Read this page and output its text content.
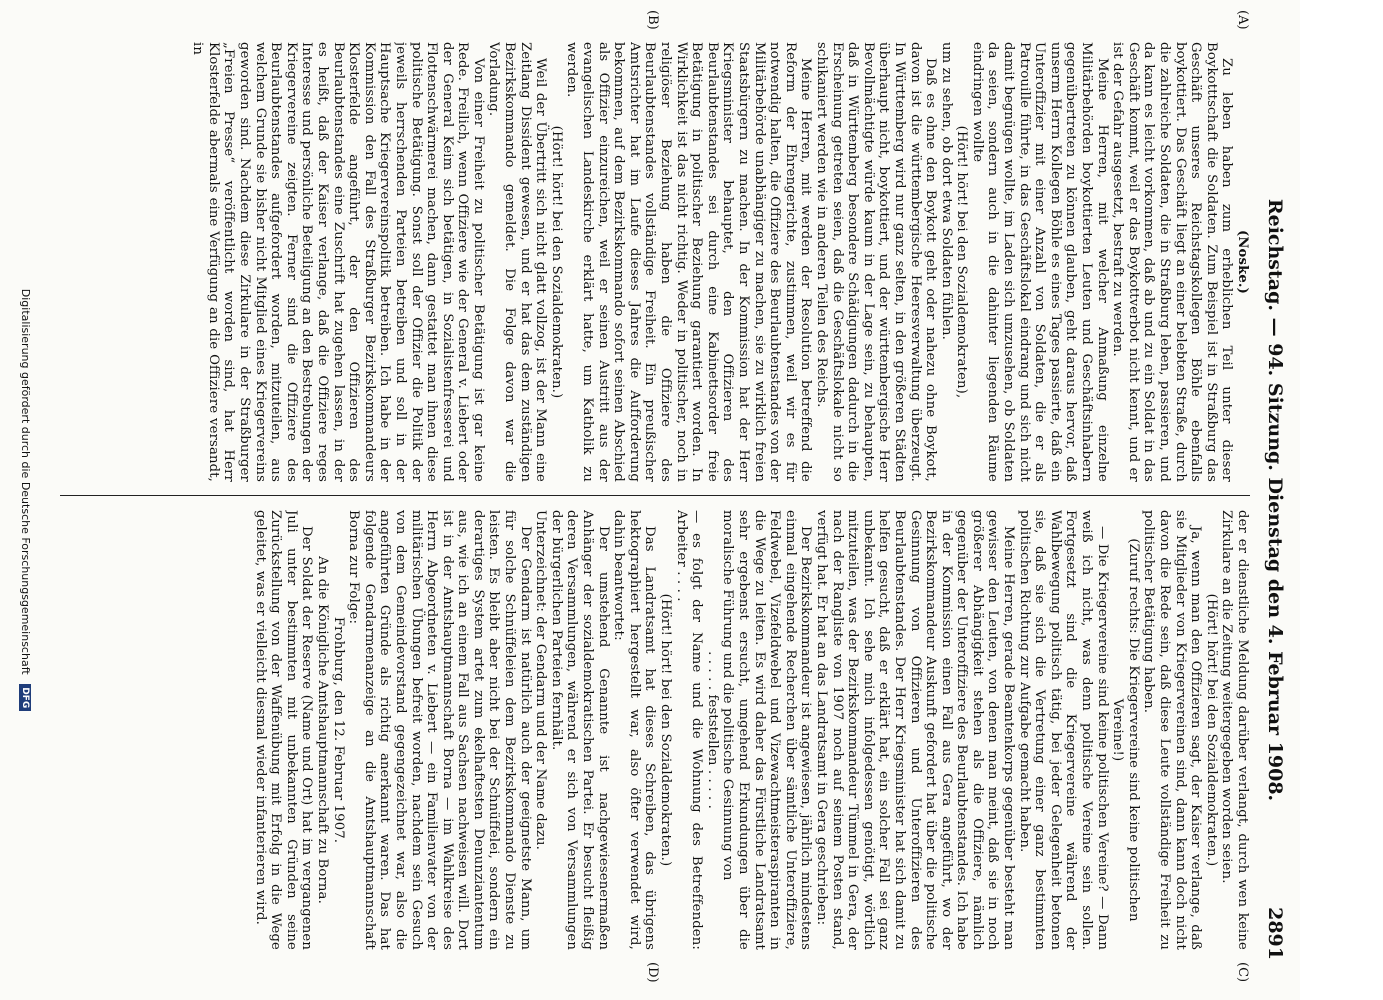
Reichstag. — 94. Sitzung. Dienstag den 4. Februar 1908.
2891
(A)
(B)
(C)
(D)

(Noske.)

Zu leben haben zum erheblichen Teil unter dieser Boykotttschaft die Soldaten. Zum Beispiel ist in Straßburg das Geschäft unseres Reichstagskollegen Böhle ebenfalls boykottiert. Das Geschäft liegt an einer belebten Straße, durch die zahlreiche Soldaten, die in Straßburg leben, passieren, und da kann es leicht vorkommen, daß ab und zu ein Soldat in das Geschäft kommt, weil er das Boykottverbot nicht kennt, und er ist der Gefahr ausgesetzt, bestraft zu werden.

Meine Herren, mit welcher Anmaßung einzelne Militärbehörden boykottierten Leuten und Geschäftsinhabern gegenübertreten zu können glauben, geht daraus hervor, daß unserm Herrn Kollegen Böhle es eines Tages passierte, daß ein Unteroffizier mit einer Anzahl von Soldaten, die er als Patrouille führte, in das Geschäftslokal eindrang und sich nicht damit begnügen wollte, im Laden sich umzusehen, ob Soldaten da seien, sondern auch in die dahinter liegenden Räume eindringen wollte

(Hört! hört! bei den Sozialdemokraten),

um zu sehen, ob dort etwa Soldaten fühlen.

Daß es ohne den Boykott geht oder nahezu ohne Boykott, davon ist die württembergische Heeresverwaltung überzeugt. In Württemberg wird nur ganz selten, in den größeren Städten überhaupt nicht, boykottiert, und der württembergische Herr Bevollmächtigte würde kaum in der Lage sein, zu behaupten, daß in Württemberg besondere Schädigungen dadurch in die Erscheinung getreten seien, daß die Geschäftslokale nicht so schikaniert werden wie in anderen Teilen des Reichs.

Meine Herren, mit werden der Resolution betreffend die Reform der Ehrengerichte, zustimmen, weil wir es für notwendig halten, die Offiziere des Beurlaubtenstandes von der Militärbehörde unabhängiger zu machen, sie zu wirklich freien Staatsbürgern zu machen. In der Kommission hat der Herr Kriegsminister behauptet, den Offizieren des Beurlaubtenstandes sei durch eine Kabinettsorder freie Betätigung in politischer Beziehung garantiert worden. In Wirklichkeit ist das nicht richtig. Weder in politischer, noch in religiöser Beziehung haben die Offiziere des Beurlaubtenstandes vollständige Freiheit. Ein preußischer Amtsrichter hat im Laufe dieses Jahres die Aufforderung bekommen, auf dem Bezirkskommando sofort seinen Abschied als Offizier einzureichen, weil er seinen Austritt aus der evangelischen Landeskirche erklärt hatte, um Katholik zu werden.

(Hört! hört! bei den Sozialdemokraten.)

Weil der Übertritt sich nicht glatt vollzog, ist der Mann eine Zeitlang Dissident gewesen, und er hat das dem zuständigen Bezirkskommando gemeldet. Die Folge davon war die Vorladung.

Von einer Freiheit zu politischer Betätigung ist gar keine Rede. Freilich, wenn Offiziere wie der General v. Liebert oder der General Keim sich betätigen, in Sozialistenfresserei und Flottenschwärmerei machen, dann gestattet man ihnen diese politische Betätigung. Sonst soll der Offizier die Politik der jeweils herrschenden Parteien betreiben und soll in der Hauptsache Kriegervereinspolitik betreiben. Ich habe in der Kommission den Fall des Straßburger Bezirkskommandeurs Klosterfelde angeführt, der den Offizieren des Beurlaubtenstandes eine Zuschrift hat zugehen lassen, in der es heißt, daß der Kaiser verlange, daß die Offiziere reges Interesse und persönliche Beteiligung an den Bestrebungen der Kriegervereine zeigten. Ferner sind die Offiziere des Beurlaubtenstandes aufgefordert worden, mitzuteilen, aus welchem Grunde sie bisher nicht Mitglied eines Kriegervereins geworden sind. Nachdem diese Zirkulare in der Straßburger „Freien Presse“ veröffentlicht worden sind, hat Herr Klosterfelde abermals eine Verfügung an die Offiziere versandt, in

der er dienstliche Meldung darüber verlangt, durch wen keine Zirkulare an die Zeitung weitergegeben worden seien.

(Hört! hört! bei den Sozialdemokraten.)

Ja, wenn man den Offizieren sagt, der Kaiser verlange, daß sie Mitglieder von Kriegervereinen sind, dann kann doch nicht davon die Rede sein, daß diese Leute vollständige Freiheit zu politischer Betätigung haben.

(Zuruf rechts: Die Kriegervereine sind keine politischen Vereine!)

— Die Kriegervereine sind keine politischen Vereine? — Dann weiß ich nicht, was denn politische Vereine sein sollen. Fortgesetzt sind die Kriegervereine während der Wahlbewegung politisch tätig, bei jeder Gelegenheit betonen sie, daß sie sich die Vertretung einer ganz bestimmten politischen Richtung zur Aufgabe gemacht haben.

Meine Herren, gerade Beamtenkorps gegenüber besteht man gewisser den Leuten, von denen man meint, daß sie in noch größerer Abhängigkeit stehen als die Offiziere, nämlich gegenüber der Unteroffiziere des Beurlaubtenstandes. Ich habe in der Kommission einen Fall aus Gera angeführt, wo der Bezirkskommandeur Auskunft gefordert hat über die politische Gesinnung von Offizieren und Unteroffizieren des Beurlaubtenstandes. Der Herr Kriegsminister hat sich damit zu helfen gesucht, daß er erklärt hat, ein solcher Fall sei ganz unbekannt. Ich sehe mich infolgedessen genötigt, wörtlich mitzuteilen, was der Bezirkskommandeur Tümmel in Gera, der nach der Rangliste von 1907 noch auf seinem Posten stand, verfügt hat. Er hat an das Landratsamt in Gera geschrieben:

Der Bezirkskommandeur ist angewiesen, jährlich mindestens einmal eingehende Recherchen über sämtliche Unteroffiziere, Feldwebel, Vizefeldwebel und Vizewachtmeisteraspiranten in die Wege zu leiten. Es wird daher das Fürstliche Landratsamt sehr ergebenst ersucht, umgehend Erkundungen über die moralische Führung und die politische Gesinnung von

. . . . . feststellen . . . . .

— es folgt der Name und die Wohnung des Betreffenden: Arbeiter . . . .

(Hört! hört! bei den Sozialdemokraten.)

Das Landratsamt hat dieses Schreiben, das übrigens hektographiert hergestellt war, also öfter verwendet wird, dahin beantwortet:

Der umstehend Genannte ist nachgewiesenermaßen Anhänger der sozialdemokratischen Partei. Er besucht fleißig deren Versammlungen, während er sich von Versammlungen der bürgerlichen Parteien fernhält.

Unterzeichnet: der Gendarm und der Name dazu.

Der Gendarm ist natürlich auch der geeignetste Mann, um für solche Schnüffeleien dem Bezirkskommando Dienste zu leisten. Es bleibt aber nicht bei der Schnüffelei, sondern ein derartiges System artet zum ekelhaftesten Denunziantentum aus, wie ich an einem Fall aus Sachsen nachweisen will. Dort ist in der Amtshauptmannschaft Borna — im Wahlkreise des Herrn Abgeordneten v. Liebert — ein Familienvater von der militärischen Übungen befreit worden, nachdem sein Gesuch von dem Gemeindevorstand gegengezeichnet war, also die angeführten Gründe als richtig anerkannt waren. Das hat folgende Gendarmenanzeige an die Amtshauptmannschaft Borna zur Folge:

Frohburg, den 12. Februar 1907.

An die Königliche Amtshauptmannschaft zu Borna.

Der Soldat der Reserve (Name und Ort) hat im vergangenen Juli unter bestimmten mit unbekannten Gründen seine Zurückstellung von der Waffenübung mit Erfolg in die Wege geleitet, was er vielleicht diesmal wieder infanterieren wird.

Digitalisierung gefördert durch die Deutsche Forschungsgemeinschaft DFG
